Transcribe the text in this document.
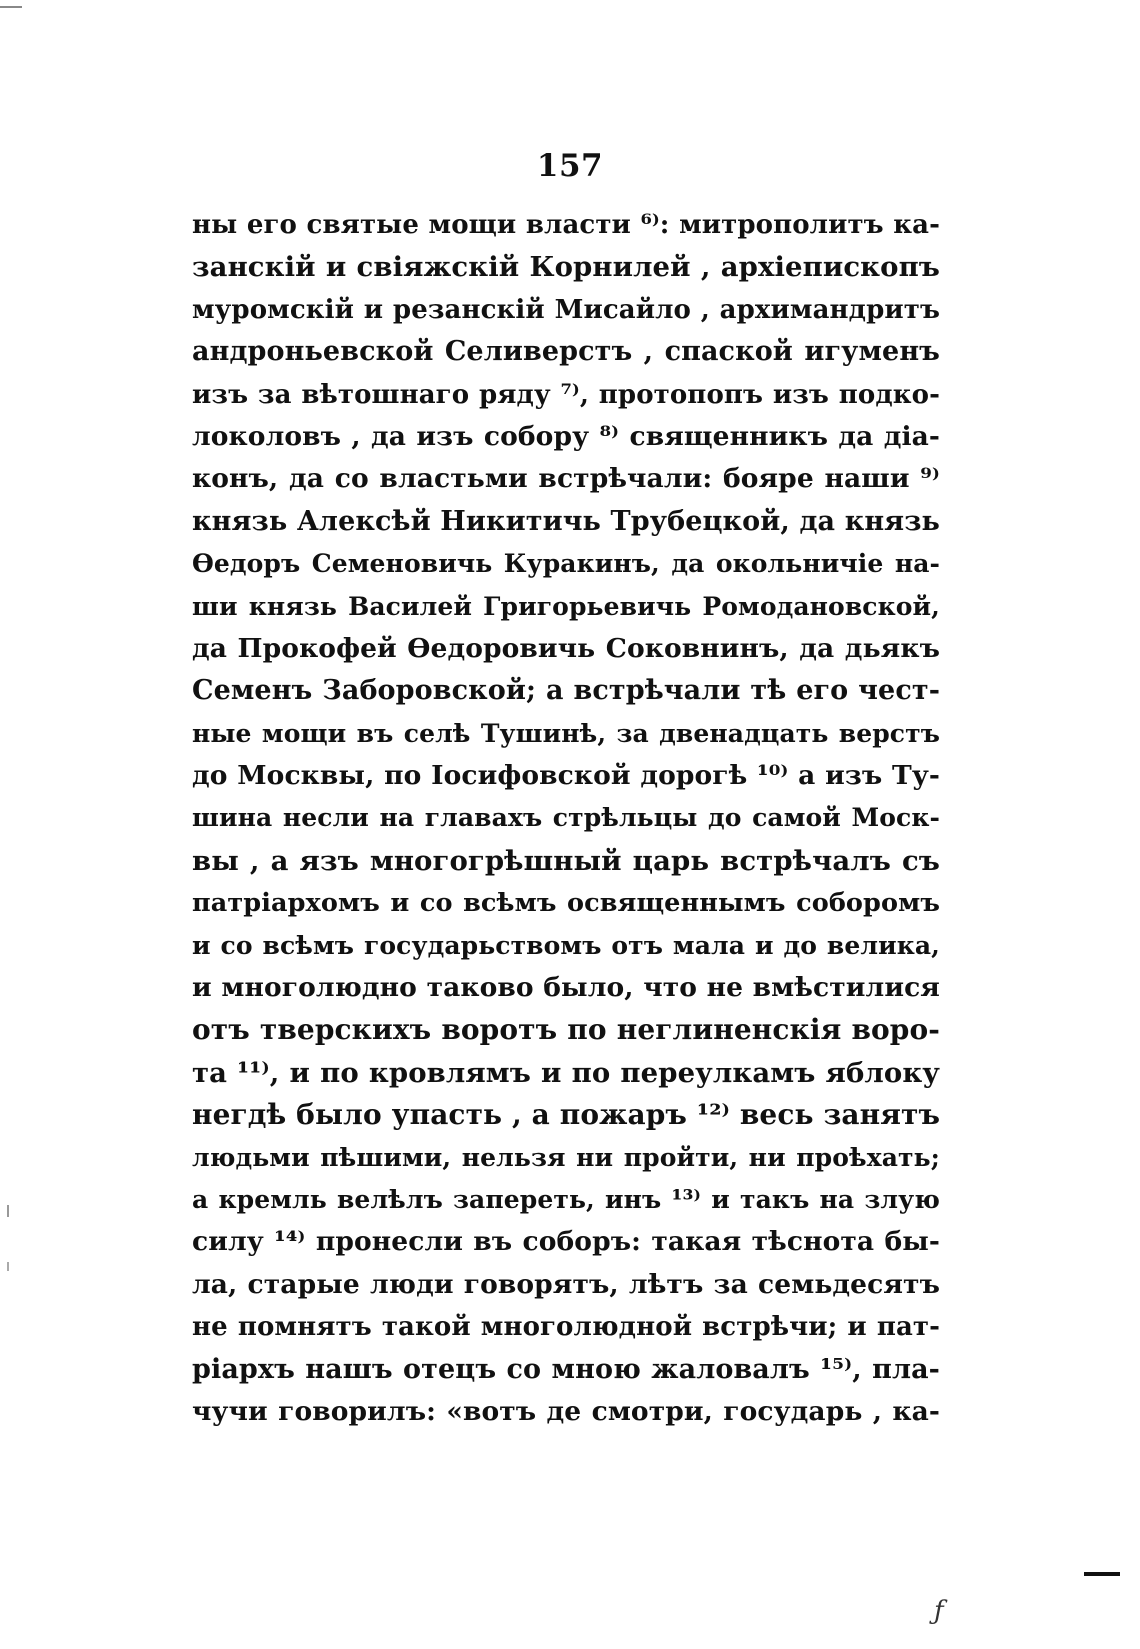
157
ны его святые мощи власти ⁶⁾: митрополитъ ка-
занскій и свіяжскій Корнилей , архіепископъ
муромскій и резанскій Мисайло , архимандритъ
андроньевской Селиверстъ , спаской игуменъ
изъ за вѣтошнаго ряду ⁷⁾, протопопъ изъ подко-
локоловъ , да изъ собору ⁸⁾ священникъ да діа-
конъ, да со властьми встрѣчали: бояре наши ⁹⁾
князь Алексѣй Никитичь Трубецкой, да князь
Ѳедоръ Семеновичь Куракинъ, да окольничіе на-
ши князь Василей Григорьевичь Ромодановской,
да Прокофей Ѳедоровичь Соковнинъ, да дьякъ
Семенъ Заборовской; а встрѣчали тѣ его чест-
ные мощи въ селѣ Тушинѣ, за двенадцать верстъ
до Москвы, по Іосифовской дорогѣ ¹⁰⁾ а изъ Ту-
шина несли на главахъ стрѣльцы до самой Моск-
вы , а язъ многогрѣшный царь встрѣчалъ съ
патріархомъ и со всѣмъ освященнымъ соборомъ
и со всѣмъ государьствомъ отъ мала и до велика,
и многолюдно таково было, что не вмѣстилися
отъ тверскихъ воротъ по неглиненскія воро-
та ¹¹⁾, и по кровлямъ и по переулкамъ яблоку
негдѣ было упасть , а пожаръ ¹²⁾ весь занятъ
людьми пѣшими, нельзя ни пройти, ни проѣхать;
а кремль велѣлъ запереть, инъ ¹³⁾ и такъ на злую
силу ¹⁴⁾ пронесли въ соборъ: такая тѣснота бы-
ла, старые люди говорятъ, лѣтъ за семьдесятъ
не помнятъ такой многолюдной встрѣчи; и пат-
ріархъ нашъ отецъ со мною жаловалъ ¹⁵⁾, пла-
чучи говорилъ: «вотъ де смотри, государь , ка-
ƒ
